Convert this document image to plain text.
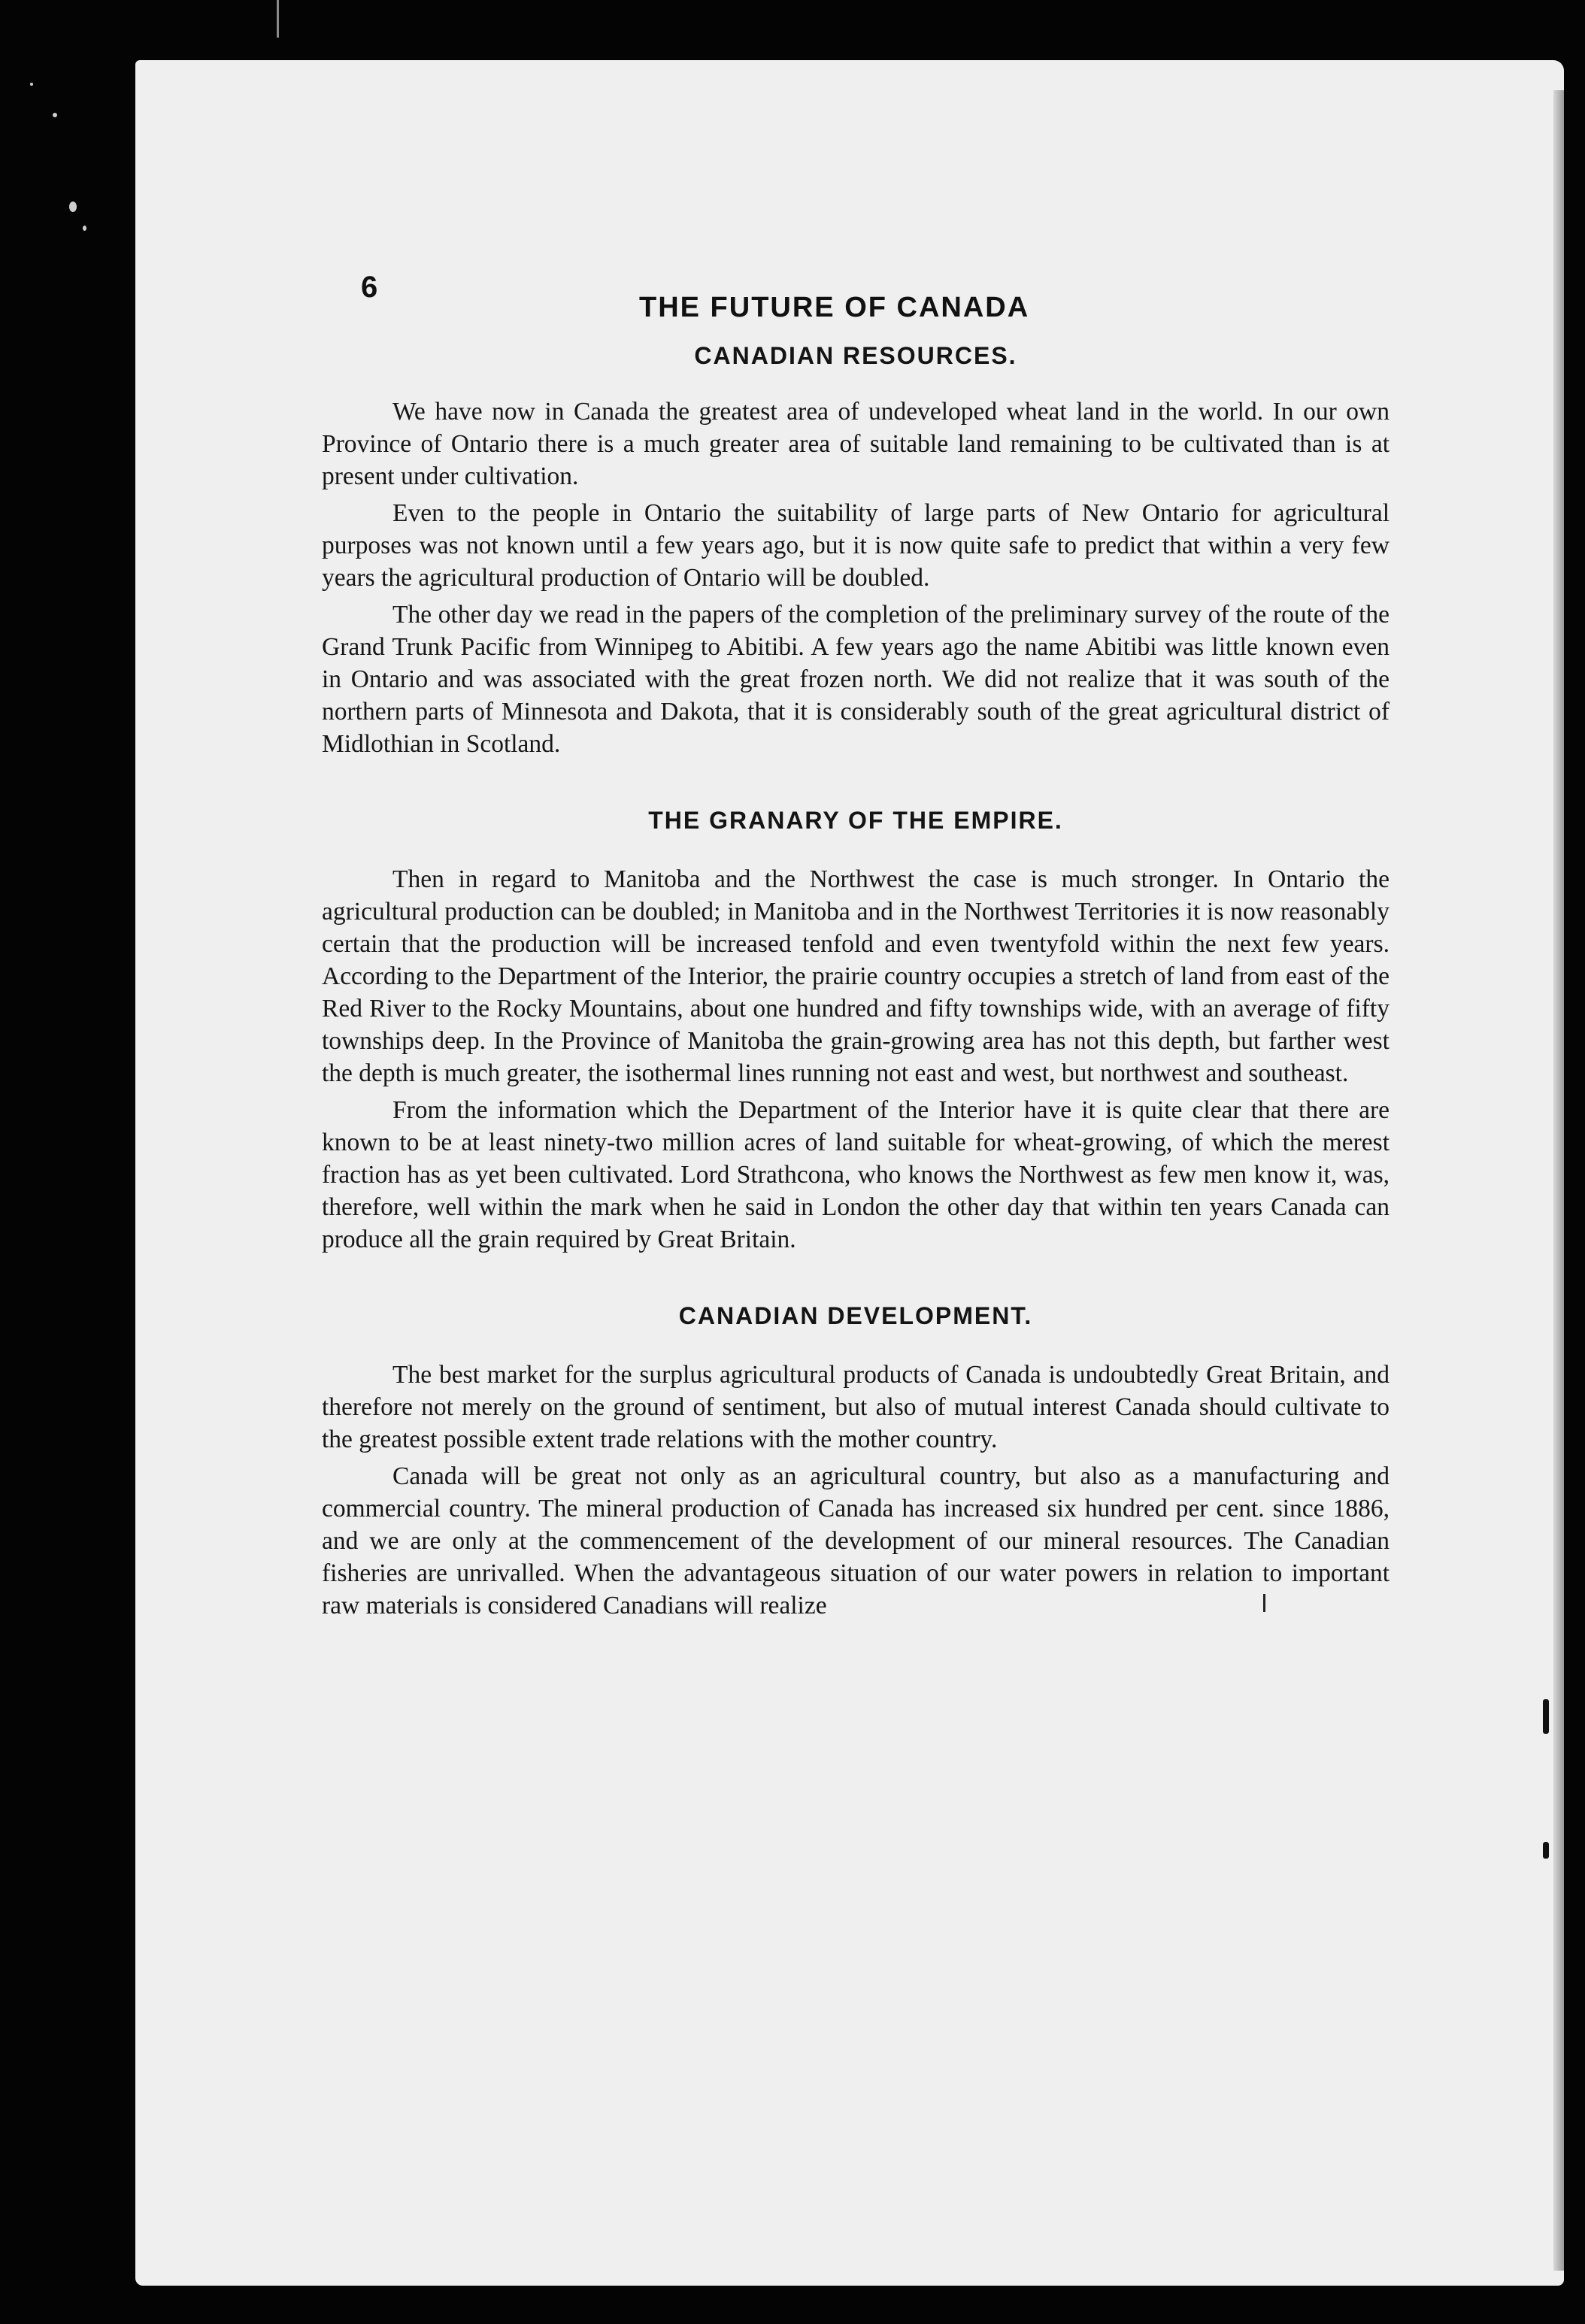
6
THE FUTURE OF CANADA
CANADIAN RESOURCES.

We have now in Canada the greatest area of undeveloped wheat land in the world. In our own Province of Ontario there is a much greater area of suitable land remaining to be cultivated than is at present under cultivation.

Even to the people in Ontario the suitability of large parts of New Ontario for agricultural purposes was not known until a few years ago, but it is now quite safe to predict that within a very few years the agricultural production of Ontario will be doubled.

The other day we read in the papers of the completion of the preliminary survey of the route of the Grand Trunk Pacific from Winnipeg to Abitibi. A few years ago the name Abitibi was little known even in Ontario and was associated with the great frozen north. We did not realize that it was south of the northern parts of Minnesota and Dakota, that it is considerably south of the great agricultural district of Midlothian in Scotland.

THE GRANARY OF THE EMPIRE.

Then in regard to Manitoba and the Northwest the case is much stronger. In Ontario the agricultural production can be doubled; in Manitoba and in the Northwest Territories it is now reasonably certain that the production will be increased tenfold and even twentyfold within the next few years. According to the Department of the Interior, the prairie country occupies a stretch of land from east of the Red River to the Rocky Mountains, about one hundred and fifty townships wide, with an average of fifty townships deep. In the Province of Manitoba the grain-growing area has not this depth, but farther west the depth is much greater, the isothermal lines running not east and west, but northwest and southeast.

From the information which the Department of the Interior have it is quite clear that there are known to be at least ninety-two million acres of land suitable for wheat-growing, of which the merest fraction has as yet been cultivated. Lord Strathcona, who knows the Northwest as few men know it, was, therefore, well within the mark when he said in London the other day that within ten years Canada can produce all the grain required by Great Britain.

CANADIAN DEVELOPMENT.

The best market for the surplus agricultural products of Canada is undoubtedly Great Britain, and therefore not merely on the ground of sentiment, but also of mutual interest Canada should cultivate to the greatest possible extent trade relations with the mother country.

Canada will be great not only as an agricultural country, but also as a manufacturing and commercial country. The mineral production of Canada has increased six hundred per cent. since 1886, and we are only at the commencement of the development of our mineral resources. The Canadian fisheries are unrivalled. When the advantageous situation of our water powers in relation to important raw materials is considered Canadians will realize
